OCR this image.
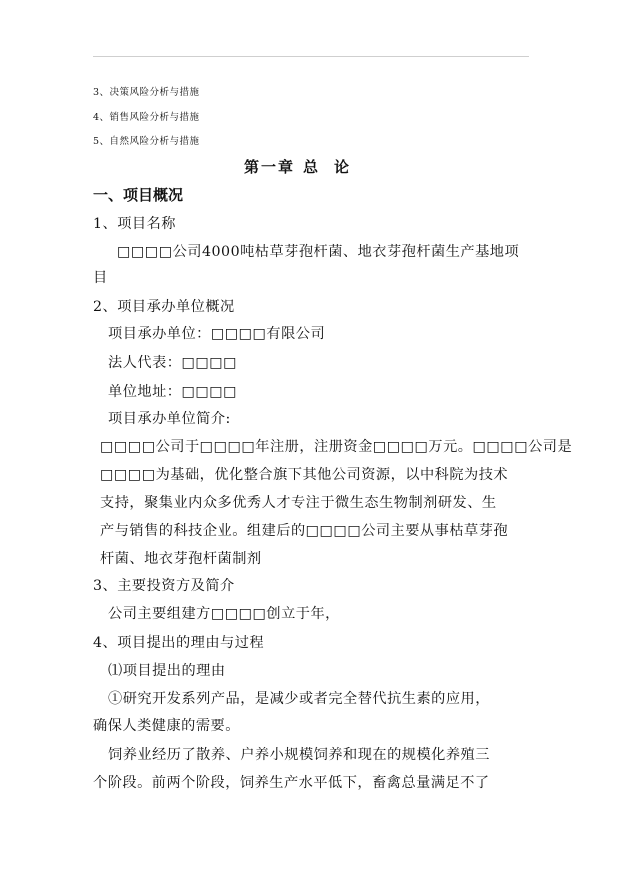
3、决策风险分析与措施
4、销售风险分析与措施
5、自然风险分析与措施
第一章 总 论
一、项目概况
1、项目名称
□□□□公司4000吨枯草芽孢杆菌、地衣芽孢杆菌生产基地项
目
2、项目承办单位概况
项目承办单位：□□□□有限公司
法人代表：□□□□
单位地址：□□□□
项目承办单位简介:
□□□□公司于□□□□年注册，注册资金□□□□万元。□□□□公司是
□□□□为基础，优化整合旗下其他公司资源，以中科院为技术
支持，聚集业内众多优秀人才专注于微生态生物制剂研发、生
产与销售的科技企业。组建后的□□□□公司主要从事枯草芽孢
杆菌、地衣芽孢杆菌制剂
3、主要投资方及简介
公司主要组建方□□□□创立于年，
4、项目提出的理由与过程
⑴项目提出的理由
①研究开发系列产品，是减少或者完全替代抗生素的应用，
确保人类健康的需要。
饲养业经历了散养、户养小规模饲养和现在的规模化养殖三
个阶段。前两个阶段，饲养生产水平低下，畜禽总量满足不了
